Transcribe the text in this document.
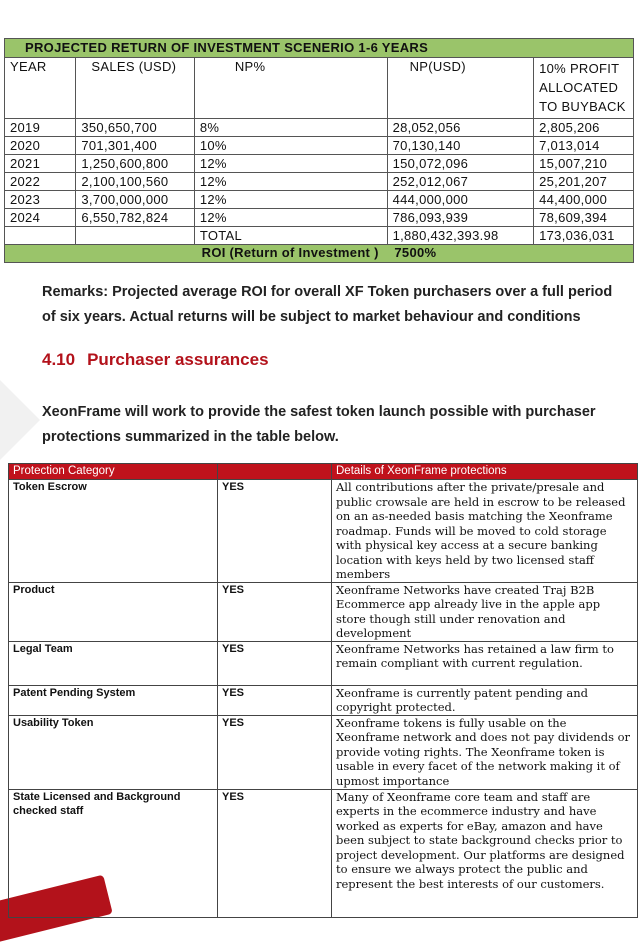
PROJECTED RETURN OF INVESTMENT SCENERIO 1-6 YEARS				
YEAR	SALES (USD)	NP%	NP(USD)	10% PROFIT ALLOCATED TO BUYBACK
2019	350,650,700	8%	28,052,056	2,805,206
2020	701,301,400	10%	70,130,140	7,013,014
2021	1,250,600,800	12%	150,072,096	15,007,210
2022	2,100,100,560	12%	252,012,067	25,201,207
2023	3,700,000,000	12%	444,000,000	44,400,000
2024	6,550,782,824	12%	786,093,939	78,609,394
		TOTAL	1,880,432,393.98	173,036,031
ROI (Return of Investment ) 7500%				
Remarks: Projected average ROI for overall XF Token purchasers over a full period of six years. Actual returns will be subject to market behaviour and conditions
4.10 Purchaser assurances
XeonFrame will work to provide the safest token launch possible with purchaser protections summarized in the table below.
Protection Category		Details of XeonFrame protections
Token Escrow	YES	All contributions after the private/presale and public crowsale are held in escrow to be released on an as-needed basis matching the Xeonframe roadmap. Funds will be moved to cold storage with physical key access at a secure banking location with keys held by two licensed staff members
Product	YES	Xeonframe Networks have created Traj B2B Ecommerce app already live in the apple app store though still under renovation and development
Legal Team	YES	Xeonframe Networks has retained a law firm to remain compliant with current regulation.
Patent Pending System	YES	Xeonframe is currently patent pending and copyright protected.
Usability Token	YES	Xeonframe tokens is fully usable on the Xeonframe network and does not pay dividends or provide voting rights. The Xeonframe token is usable in every facet of the network making it of upmost importance
State Licensed and Background checked staff	YES	Many of Xeonframe core team and staff are experts in the ecommerce industry and have worked as experts for eBay, amazon and have been subject to state background checks prior to project development. Our platforms are designed to ensure we always protect the public and represent the best interests of our customers.
